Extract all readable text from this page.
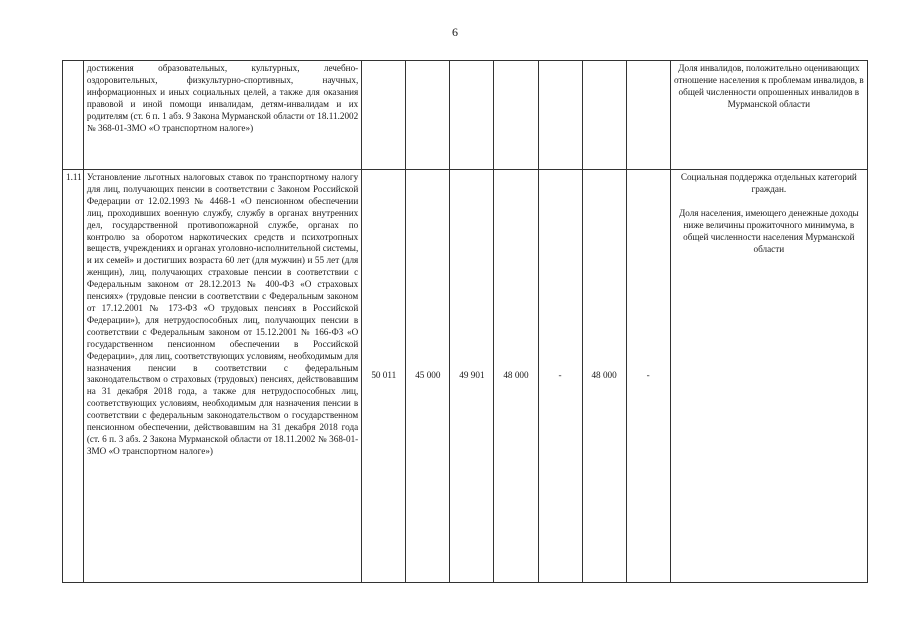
6
	достижения образовательных, культурных, лечебно-оздоровительных, физкультурно-спортивных, научных, информационных и иных социальных целей, а также для оказания правовой и иной помощи инвалидам, детям-инвалидам и их родителям (ст. 6 п. 1 абз. 9 Закона Мурманской области от 18.11.2002 № 368-01-ЗМО «О транспортном налоге»)								Доля инвалидов, положительно оценивающих отношение населения к проблемам инвалидов, в общей численности опрошенных инвалидов в Мурманской области

1.11	Установление льготных налоговых ставок по транспортному налогу для лиц, получающих пенсии в соответствии с Законом Российской Федерации от 12.02.1993 № 4468-1 «О пенсионном обеспечении лиц, проходивших военную службу, службу в органах внутренних дел, государственной противопожарной службе, органах по контролю за оборотом наркотических средств и психотропных веществ, учреждениях и органах уголовно-исполнительной системы, и их семей» и достигших возраста 60 лет (для мужчин) и 55 лет (для женщин), лиц, получающих страховые пенсии в соответствии с Федеральным законом от 28.12.2013 № 400-ФЗ «О страховых пенсиях» (трудовые пенсии в соответствии с Федеральным законом от 17.12.2001 № 173-ФЗ «О трудовых пенсиях в Российской Федерации»), для нетрудоспособных лиц, получающих пенсии в соответствии с Федеральным законом от 15.12.2001 № 166-ФЗ «О государственном пенсионном обеспечении в Российской Федерации», для лиц, соответствующих условиям, необходимым для назначения пенсии в соответствии с федеральным законодательством о страховых (трудовых) пенсиях, действовавшим на 31 декабря 2018 года, а также для нетрудоспособных лиц, соответствующих условиям, необходимым для назначения пенсии в соответствии с федеральным законодательством о государственном пенсионном обеспечении, действовавшим на 31 декабря 2018 года (ст. 6 п. 3 абз. 2 Закона Мурманской области от 18.11.2002 № 368-01-ЗМО «О транспортном налоге»)	50 011	45 000	49 901	48 000	-	48 000	-	Социальная поддержка отдельных категорий граждан.

Доля населения, имеющего денежные доходы ниже величины прожиточного минимума, в общей численности населения Мурманской области
